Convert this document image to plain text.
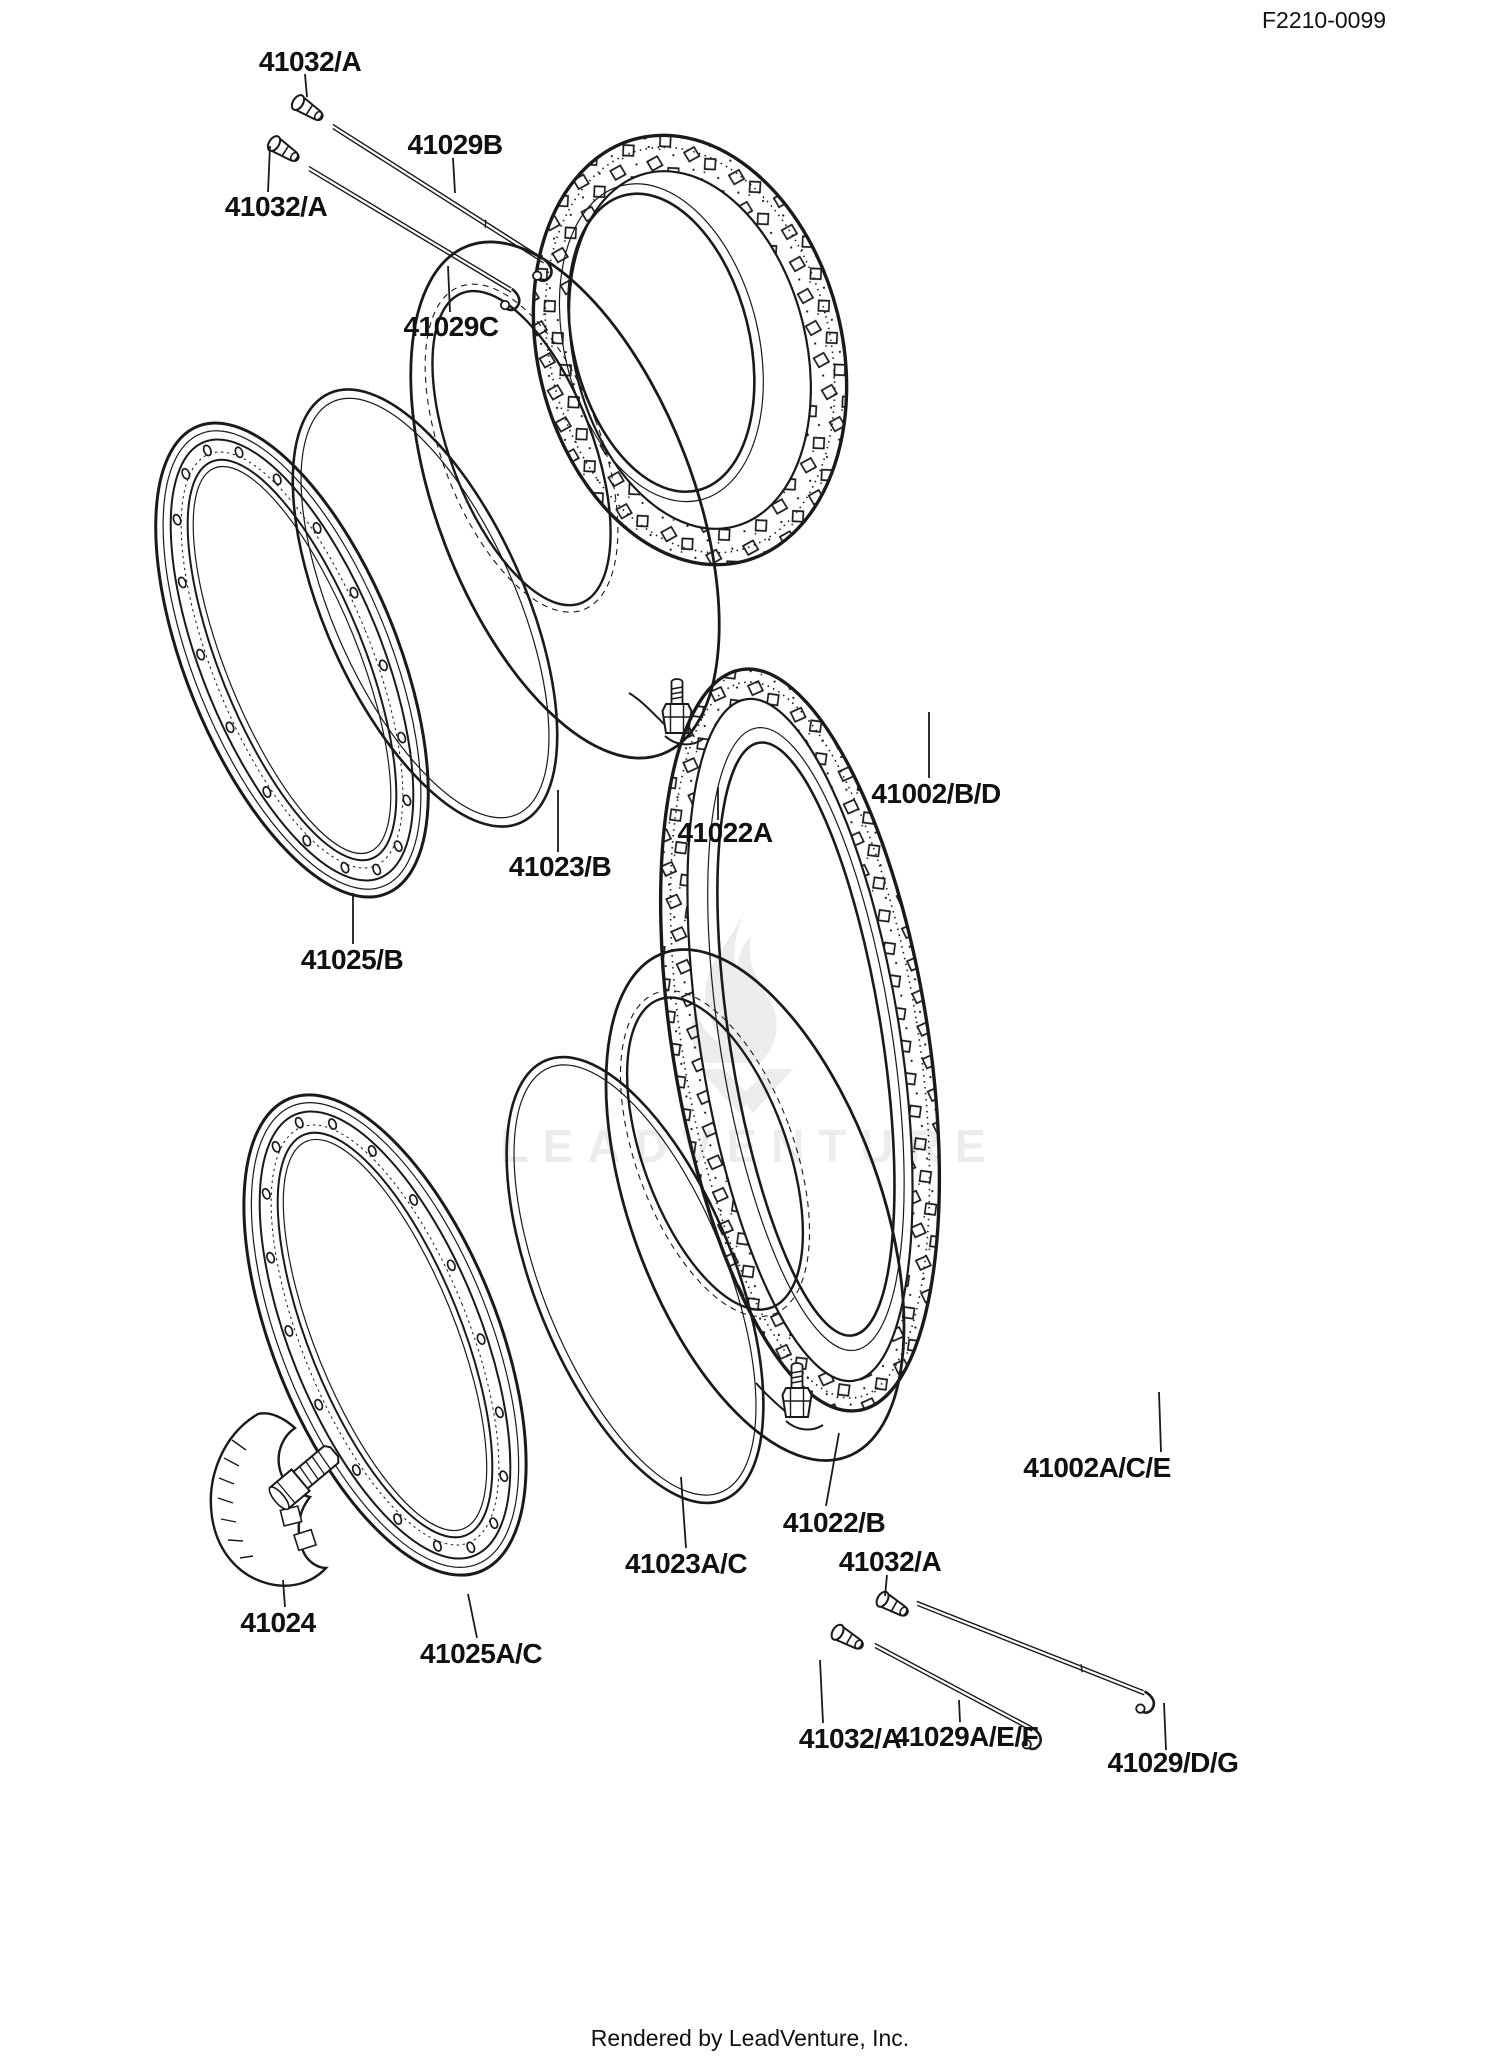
LEADVENTURE
41032/A
41029B
41032/A
41029C
41002/B/D
41022A
41023/B
41025/B
41024
41025A/C
41023A/C
41022/B
41002A/C/E
41032/A
41032/A
41029A/E/F
41029/D/G
F2210-0099
Rendered by LeadVenture, Inc.
